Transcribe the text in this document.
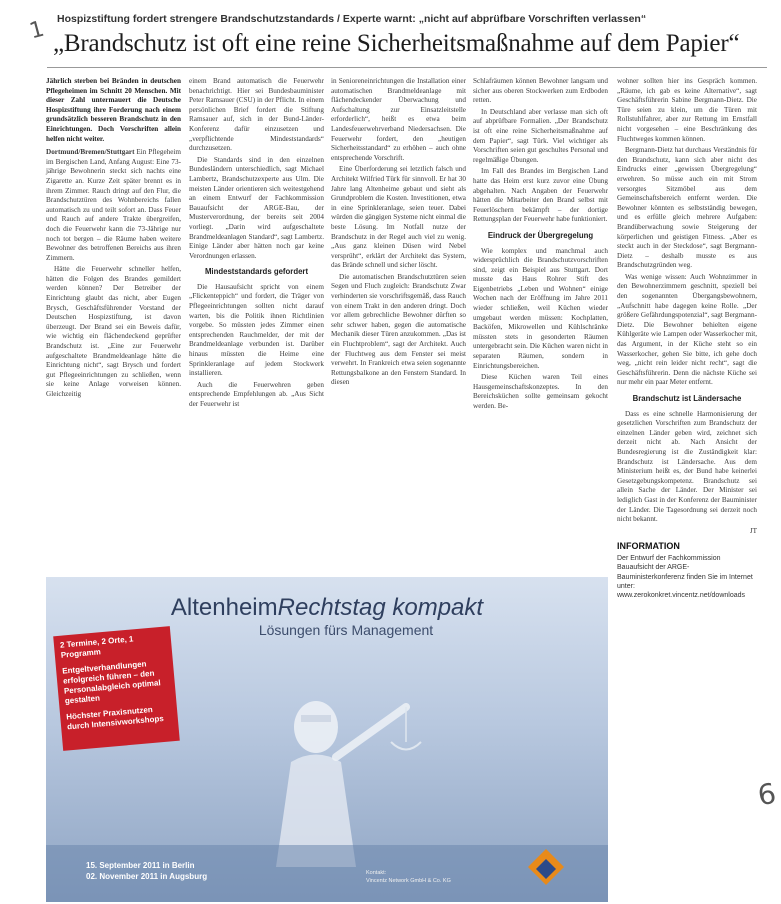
1 Hospizstiftung fordert strengere Brandschutzstandards / Experte warnt: „nicht auf abprüfbare Vorschriften verlassen“
„Brandschutz ist oft eine reine Sicherheitsmaßnahme auf dem Papier“

Jährlich sterben bei Bränden in deutschen Pflegeheimen im Schnitt 20 Menschen. Mit dieser Zahl untermauert die Deutsche Hospizstiftung ihre Forderung nach einem grundsätzlich besseren Brandschutz in den Einrichtungen. Doch Vorschriften allein helfen nicht weiter.

Dortmund/Bremen/Stuttgart Ein Pflegeheim im Bergischen Land, Anfang August: Eine 73-jährige Bewohnerin steckt sich nachts eine Zigarette an. Kurze Zeit später brennt es in ihrem Zimmer. Rauch dringt auf den Flur, die Brandschutztüren des Wohnbereichs fallen automatisch zu und teilt sofort an. Dass Feuer und Rauch auf andere Trakte übergreifen, doch die Feuerwehr kann die 73-Jährige nur noch tot bergen – die Räume haben weitere Bewohner des betroffenen Bereichs aus ihren Zimmern.

Hätte die Feuerwehr schneller helfen, hätten die Folgen des Brandes gemildert werden können? Der Betreiber der Einrichtung glaubt das nicht, aber Eugen Brysch, Geschäftsführender Vorstand der Deutschen Hospizstiftung, ist davon überzeugt. Der Brand sei ein Beweis dafür, wie wichtig ein flächendeckend geprüfter Brandschutz ist. „Eine zur Feuerwehr aufgeschaltete Brandmeldeanlage hätte die Einrichtung nicht“, sagt Brysch und fordert gut Pflegeeinrichtungen zu schließen, wenn sie keine Anlage vorweisen können. Gleichzeitig

einem Brand automatisch die Feuerwehr benachrichtigt. Hier sei Bundesbauminister Peter Ramsauer (CSU) in der Pflicht. In einem persönlichen Brief fordert die Stiftung Ramsauer auf, sich in der Bund-Länder-Konferenz dafür einzusetzen und „verpflichtende Mindeststandards“ durchzusetzen.

Die Standards sind in den einzelnen Bundesländern unterschiedlich, sagt Michael Lambertz, Brandschutzexperte aus Ulm. Die meisten Länder orientieren sich weitestgehend an einem Entwurf der Fachkommission Bauaufsicht der ARGE-Bau, der Musterverordnung, der bereits seit 2004 vorliegt. „Darin wird aufgeschaltete Brandmeldeanlagen Standard“, sagt Lambertz. Einige Länder aber hätten noch gar keine Verordnungen erlassen.

Mindeststandards gefordert

Die Hausaufsicht spricht von einem „Flickenteppich“ und fordert, die Träger von Pflegeeinrichtungen sollten nicht darauf warten, bis die Politik ihnen Richtlinien vorgebe. So müssten jedes Zimmer einen entsprechenden Rauchmelder, der mit der Brandmeldeanlage verbunden ist. Darüber hinaus müssten die Heime eine Sprinkleranlage auf jedem Stockwerk installieren.

Auch die Feuerwehren geben entsprechende Empfehlungen ab. „Aus Sicht der Feuerwehr ist

in Senioreneinrichtungen die Installation einer automatischen Brandmeldeanlage mit flächendeckender Überwachung und Aufschaltung zur Einsatzleitstelle erforderlich“, heißt es etwa beim Landesfeuerwehrverband Niedersachsen. Die Feuerwehr fordert, den „heutigen Sicherheitsstandard“ zu erhöhen – auch ohne entsprechende Vorschrift.

Eine Überforderung sei letztlich falsch und Architekt Wilfried Türk für sinnvoll. Er hat 30 Jahre lang Altenheime gebaut und sieht als Grundproblem die Kosten. Investitionen, etwa in eine Sprinkleranlage, seien teuer. Dabei würden die gängigen Systeme nicht einmal die beste Lösung. Im Notfall nutze der Brandschutz in der Regel auch viel zu wenig. „Aus ganz kleinen Düsen wird Nebel versprüht“, erklärt der Architekt das System, das Brände schnell und sicher löscht.

Die automatischen Brandschutztüren seien Segen und Fluch zugleich: Brandschutz Zwar verhinderten sie vorschriftsgemäß, dass Rauch von einem Trakt in den anderen dringt. Doch vor allem gebrechliche Bewohner dürften so sehr schwer haben, gegen die automatische Mechanik dieser Türen anzukommen. „Das ist ein Fluchtproblem“, sagt der Architekt. Auch der Fluchtweg aus dem Fenster sei meist verwehrt. In Frankreich etwa seien sogenannte Rettungsbalkone an den Fenstern Standard. In diesen

Schlafräumen können Bewohner langsam und sicher aus oberen Stockwerken zum Erdboden retten.

In Deutschland aber verlasse man sich oft auf abprüfbare Formalien. „Der Brandschutz ist oft eine reine Sicherheitsmaßnahme auf dem Papier“, sagt Türk. Viel wichtiger als Vorschriften seien gut geschultes Personal und regelmäßige Übungen.

Im Fall des Brandes im Bergischen Land hatte das Heim erst kurz zuvor eine Übung abgehalten. Nach Angaben der Feuerwehr hätten die Mitarbeiter den Brand selbst mit Feuerlöschern bekämpft – der dortige Rettungsplan der Feuerwehr habe funktioniert.

Eindruck der Übergregelung

Wie komplex und manchmal auch widersprüchlich die Brandschutzvorschriften sind, zeigt ein Beispiel aus Stuttgart. Dort musste das Haus Rohrer Stift des Eigenbetriebs „Leben und Wohnen“ einige Wochen nach der Eröffnung im Jahre 2011 wieder schließen, weil Küchen wieder umgebaut werden müssen: Kochplatten, Backöfen, Mikrowellen und Kühlschränke müssten stets in gesonderten Räumen untergebracht sein. Die Küchen waren nicht in separaten Räumen, sondern in Einrichtungsbereichen.

Diese Küchen waren Teil eines Hausgemeinschaftskonzeptes. In den Bereichsküchen sollte gemeinsam gekocht werden. Be-

wohner sollten hier ins Gespräch kommen. „Räume, ich gab es keine Alternative“, sagt Geschäftsführerin Sabine Bergmann-Dietz. Die Türe seien zu klein, um die Türen mit Rollstuhlfahrer, aber zur Rettung im Ernstfall nicht vorgesehen – eine Beschränkung des Fluchtweges kommen können.

Bergmann-Dietz hat durchaus Verständnis für den Brandschutz, kann sich aber nicht des Eindrucks einer „gewissen Übergregelung“ erwehren. So müsse auch ein mit Strom versorgtes Sitzmöbel aus dem Gemeinschaftsbereich entfernt werden. Die Bewohner könnten es selbstständig bewegen, und es erfülle gleich mehrere Aufgaben: Brandüberwachung sowie Steigerung der körperlichen und geistigen Fitness. „Aber es steckt auch in der Steckdose“, sagt Bergmann-Dietz – deshalb musste es aus Brandschutzgründen weg.

Was wenige wissen: Auch Wohnzimmer in den Bewohnerzimmern geschnitt, speziell bei den sogenannten Übergangsbewohnern, „Aufschnitt habe dagegen keine Rolle. „Der größere Gefährdungspotenzial“, sagt Bergmann-Dietz. Die Bewohner behielten eigene Kühlgeräte wie Lampen oder Wasserkocher mit, das Argument, in der Küche steht so ein Wasserkocher, gehen Sie bitte, ich gehe doch weg, „nicht rein leider nicht recht“, sagt die Geschäftsführerin. Denn die nächste Küche sei nur mehr ein paar Meter entfernt.

Brandschutz ist Ländersache

Dass es eine schnelle Harmonisierung der gesetzlichen Vorschriften zum Brandschutz der einzelnen Länder geben wird, zeichnet sich derzeit nicht ab. Nach Ansicht der Bundesregierung ist die Zuständigkeit klar: Brandschutz ist Ländersache. Aus dem Ministerium heißt es, der Bund habe keinerlei Gesetzgebungskompetenz. Brandschutz sei allein Sache der Länder. Der Minister sei lediglich Gast in der Konferenz der Bauminister der Länder. Die Tagesordnung sei derzeit noch nicht bekannt.

JT

INFORMATION
Der Entwurf der Fachkommission Bauaufsicht der ARGE-Bauministerkonferenz finden Sie im Internet unter: www.zerokonkret.vincentz.net/downloads
6
AltenheimRechtstag kompakt
Lösungen fürs Management

2 Termine, 2 Orte, 1 Programm

Entgeltverhandlungen erfolgreich führen – den Personalabgleich optimal gestalten

Höchster Praxisnutzen durch Intensivworkshops

15. September 2011 in Berlin
02. November 2011 in Augsburg	Kontakt:
Vincentz Network GmbH & Co. KG
